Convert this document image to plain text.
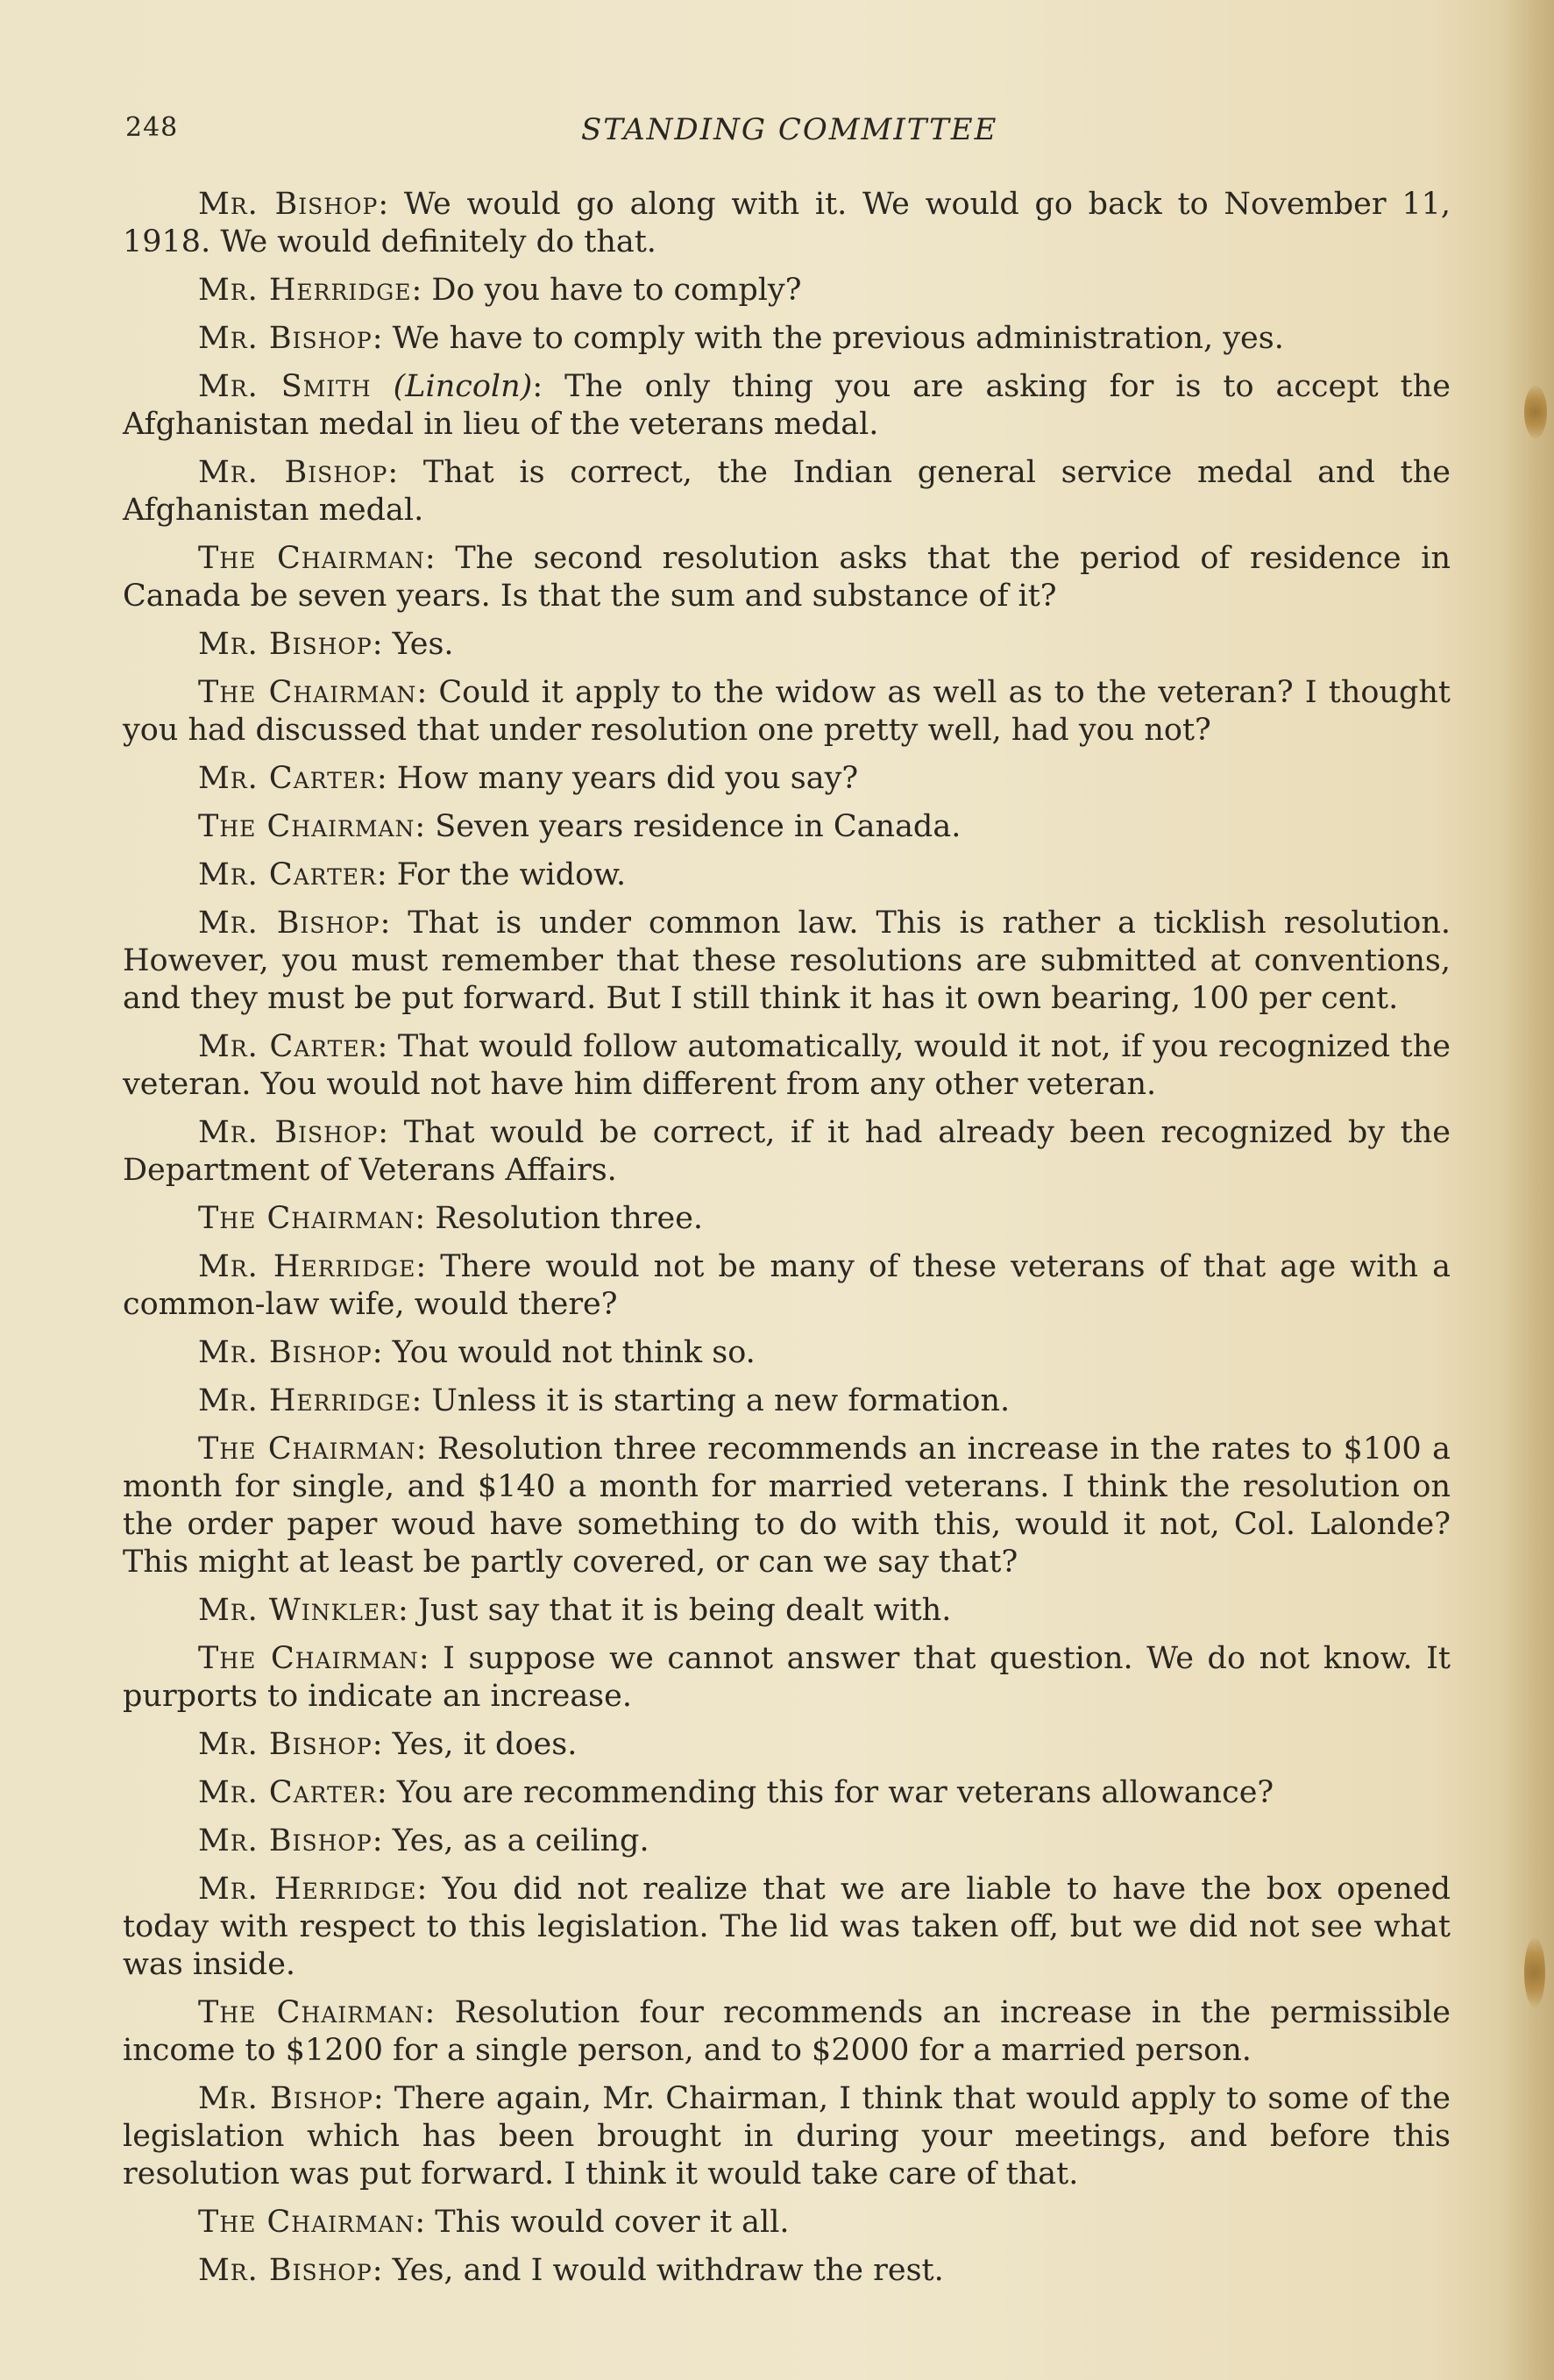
248	STANDING COMMITTEE

Mr. Bishop: We would go along with it. We would go back to November 11, 1918. We would definitely do that.

Mr. Herridge: Do you have to comply?

Mr. Bishop: We have to comply with the previous administration, yes.

Mr. Smith (Lincoln): The only thing you are asking for is to accept the Afghanistan medal in lieu of the veterans medal.

Mr. Bishop: That is correct, the Indian general service medal and the Afghanistan medal.

The Chairman: The second resolution asks that the period of residence in Canada be seven years. Is that the sum and substance of it?

Mr. Bishop: Yes.

The Chairman: Could it apply to the widow as well as to the veteran? I thought you had discussed that under resolution one pretty well, had you not?

Mr. Carter: How many years did you say?

The Chairman: Seven years residence in Canada.

Mr. Carter: For the widow.

Mr. Bishop: That is under common law. This is rather a ticklish resolution. However, you must remember that these resolutions are submitted at conventions, and they must be put forward. But I still think it has it own bearing, 100 per cent.

Mr. Carter: That would follow automatically, would it not, if you recognized the veteran. You would not have him different from any other veteran.

Mr. Bishop: That would be correct, if it had already been recognized by the Department of Veterans Affairs.

The Chairman: Resolution three.

Mr. Herridge: There would not be many of these veterans of that age with a common-law wife, would there?

Mr. Bishop: You would not think so.

Mr. Herridge: Unless it is starting a new formation.

The Chairman: Resolution three recommends an increase in the rates to $100 a month for single, and $140 a month for married veterans. I think the resolution on the order paper woud have something to do with this, would it not, Col. Lalonde? This might at least be partly covered, or can we say that?

Mr. Winkler: Just say that it is being dealt with.

The Chairman: I suppose we cannot answer that question. We do not know. It purports to indicate an increase.

Mr. Bishop: Yes, it does.

Mr. Carter: You are recommending this for war veterans allowance?

Mr. Bishop: Yes, as a ceiling.

Mr. Herridge: You did not realize that we are liable to have the box opened today with respect to this legislation. The lid was taken off, but we did not see what was inside.

The Chairman: Resolution four recommends an increase in the permissible income to $1200 for a single person, and to $2000 for a married person.

Mr. Bishop: There again, Mr. Chairman, I think that would apply to some of the legislation which has been brought in during your meetings, and before this resolution was put forward. I think it would take care of that.

The Chairman: This would cover it all.

Mr. Bishop: Yes, and I would withdraw the rest.
